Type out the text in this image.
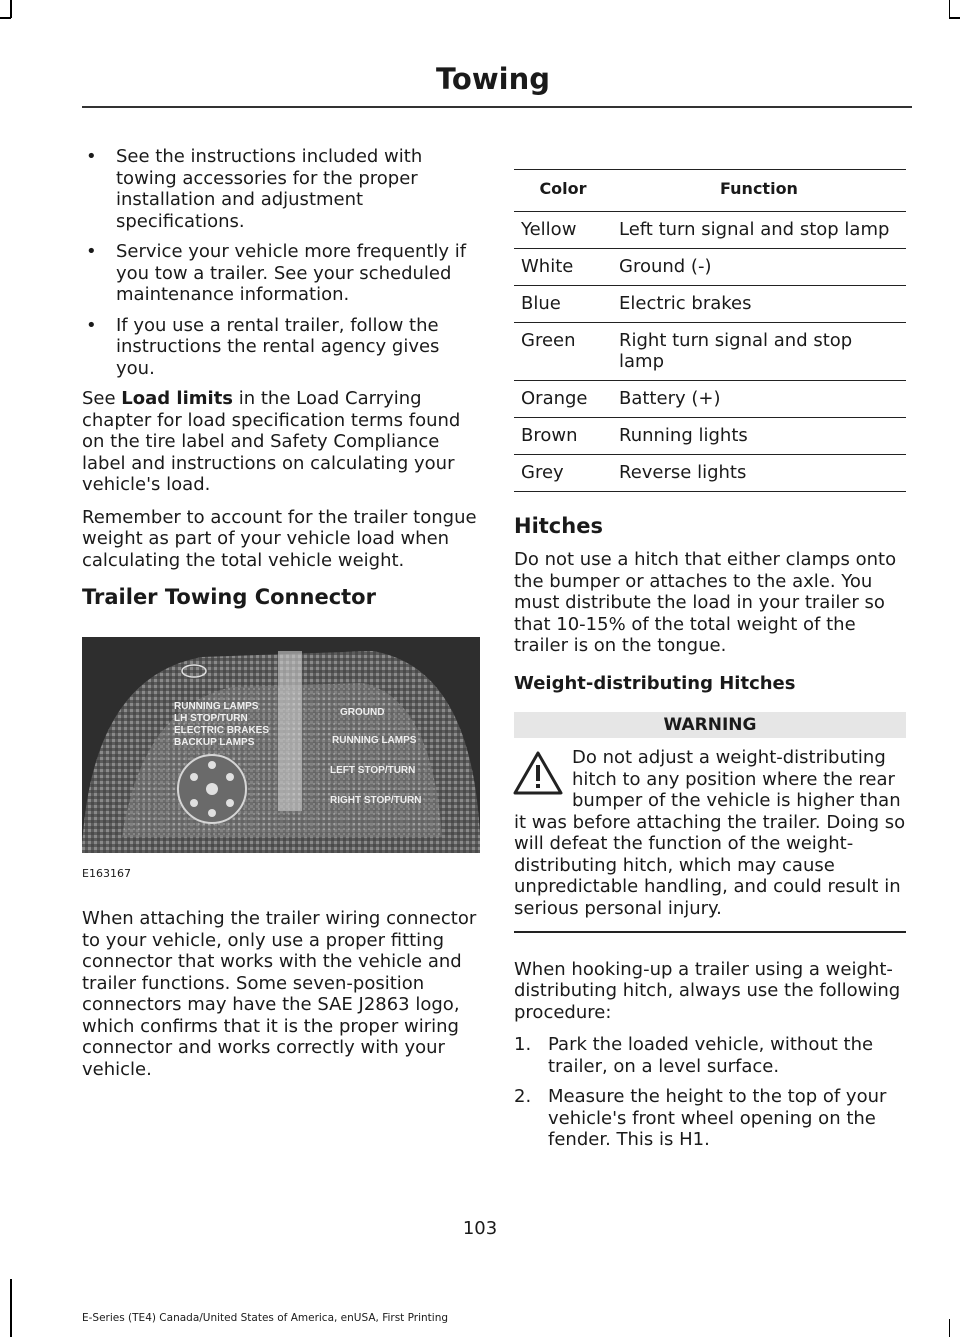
Towing
• See the instructions included with towing accessories for the proper installation and adjustment specifications.
• Service your vehicle more frequently if you tow a trailer. See your scheduled maintenance information.
• If you use a rental trailer, follow the instructions the rental agency gives you.

See Load limits in the Load Carrying chapter for load specification terms found on the tire label and Safety Compliance label and instructions on calculating your vehicle's load.

Remember to account for the trailer tongue weight as part of your vehicle load when calculating the total vehicle weight.

Trailer Towing Connector
RUNNING LAMPS
LH STOP/TURN
ELECTRIC BRAKES
BACKUP LAMPS
GROUND
RUNNING LAMPS
LEFT STOP/TURN
RIGHT STOP/TURN
E163167

When attaching the trailer wiring connector to your vehicle, only use a proper fitting connector that works with the vehicle and trailer functions. Some seven-position connectors may have the SAE J2863 logo, which confirms that it is the proper wiring connector and works correctly with your vehicle.

Color	Function
Yellow	Left turn signal and stop lamp
White	Ground (-)
Blue	Electric brakes
Green	Right turn signal and stop lamp
Orange	Battery (+)
Brown	Running lights
Grey	Reverse lights
Hitches

Do not use a hitch that either clamps onto the bumper or attaches to the axle. You must distribute the load in your trailer so that 10-15% of the total weight of the trailer is on the tongue.

Weight-distributing Hitches
WARNING
Do not adjust a weight-distributing hitch to any position where the rear bumper of the vehicle is higher than it was before attaching the trailer. Doing so will defeat the function of the weight-distributing hitch, which may cause unpredictable handling, and could result in serious personal injury.

When hooking-up a trailer using a weight-distributing hitch, always use the following procedure:

1. Park the loaded vehicle, without the trailer, on a level surface.
2. Measure the height to the top of your vehicle's front wheel opening on the fender. This is H1.
103
E-Series (TE4) Canada/United States of America, enUSA, First Printing
